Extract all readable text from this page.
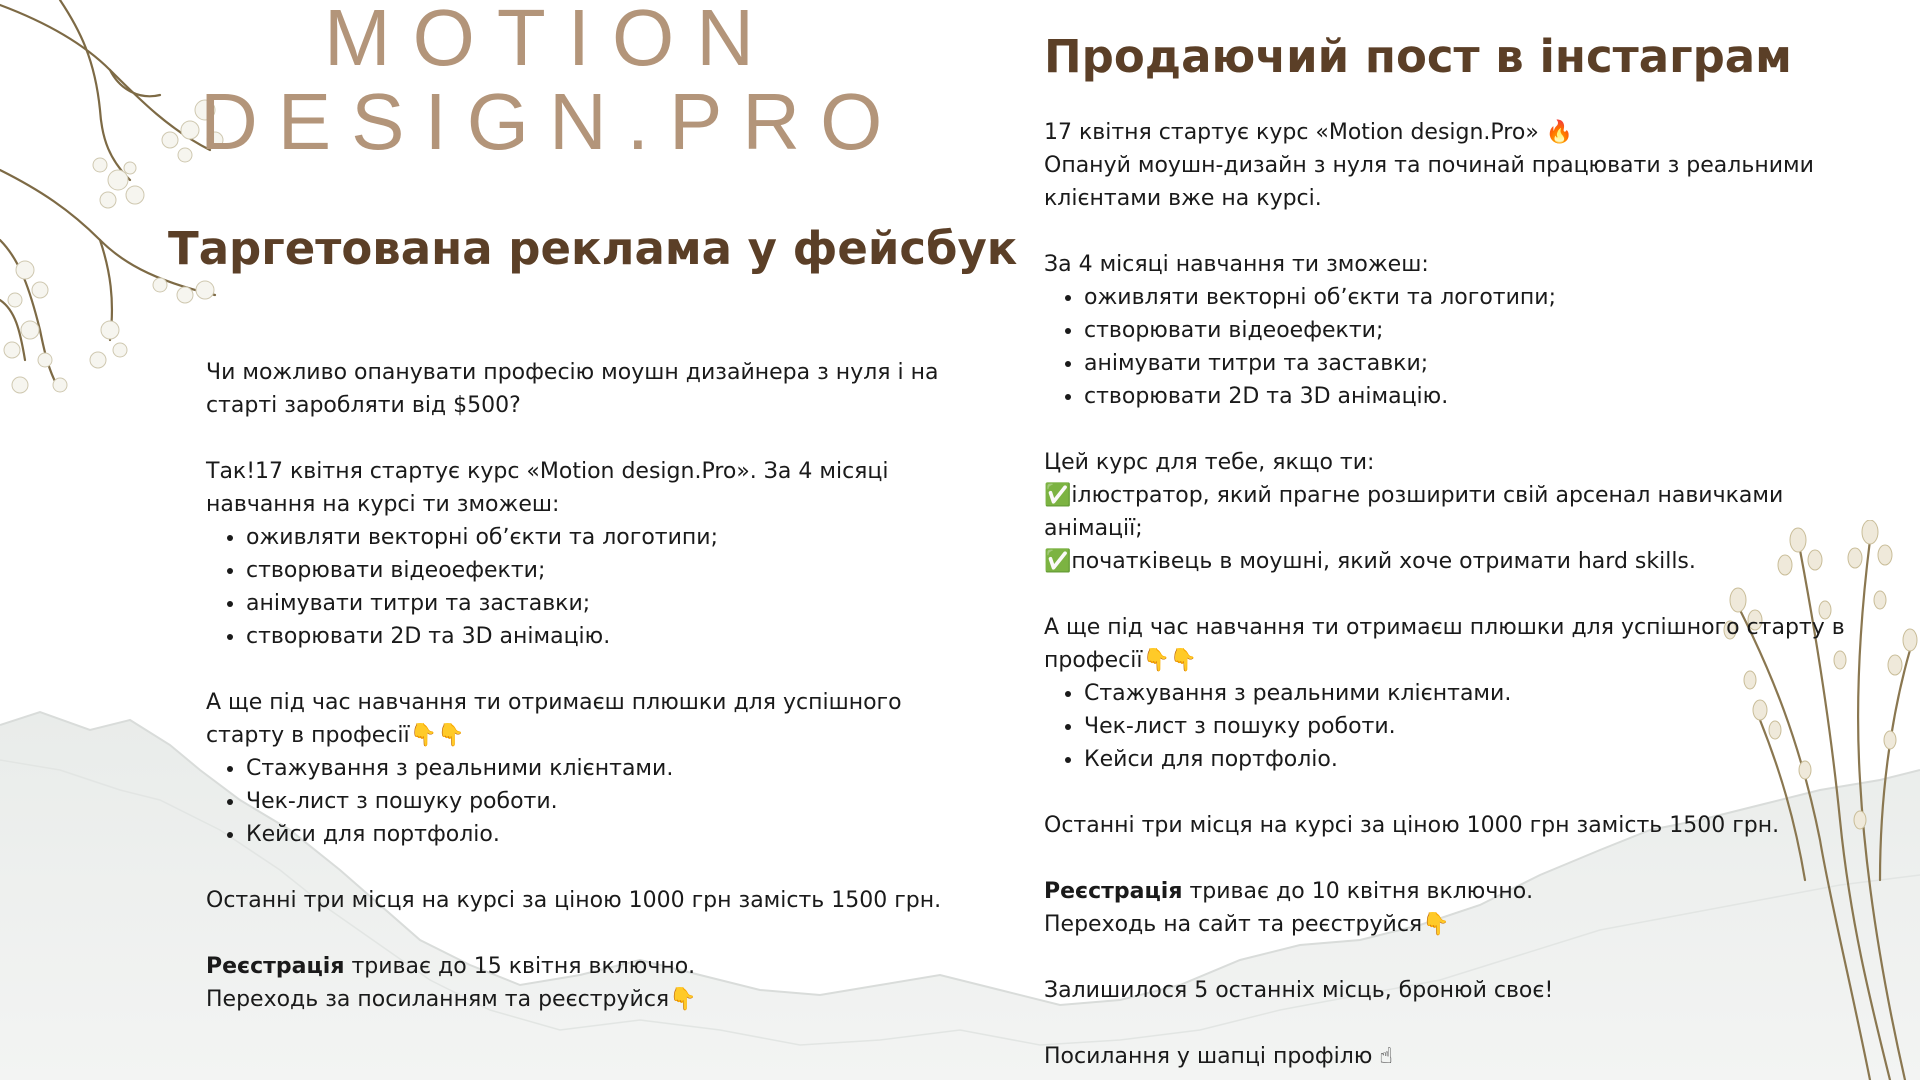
MOTION
DESIGN.PRO
Таргетована реклама у фейсбук
Продаючий пост в інстаграм

Чи можливо опанувати професію моушн дизайнера з нуля і на старті заробляти від $500?

Так!17 квітня стартує курс «Motion design.Pro». За 4 місяці навчання на курсі ти зможеш:

• оживляти векторні обʼєкти та логотипи;
• створювати відеоефекти;
• анімувати титри та заставки;
• створювати 2D та 3D анімацію.

А ще під час навчання ти отримаєш плюшки для успішного старту в професії👇👇

• Стажування з реальними клієнтами.
• Чек-лист з пошуку роботи.
• Кейси для портфоліо.

Останні три місця на курсі за ціною 1000 грн замість 1500 грн.

Реєстрація триває до 15 квітня включно.

Переходь за посиланням та реєструйся👇

17 квітня стартує курс «Motion design.Pro» 🔥

Опануй моушн-дизайн з нуля та починай працювати з реальними клієнтами вже на курсі.

За 4 місяці навчання ти зможеш:

• оживляти векторні обʼєкти та логотипи;
• створювати відеоефекти;
• анімувати титри та заставки;
• створювати 2D та 3D анімацію.

Цей курс для тебе, якщо ти:

✅ілюстратор, який прагне розширити свій арсенал навичками анімації;

✅початківець в моушні, який хоче отримати hard skills.

А ще під час навчання ти отримаєш плюшки для успішного старту в професії👇👇

• Стажування з реальними клієнтами.
• Чек-лист з пошуку роботи.
• Кейси для портфоліо.

Останні три місця на курсі за ціною 1000 грн замість 1500 грн.

Реєстрація триває до 10 квітня включно.

Переходь на сайт та реєструйся👇

Залишилося 5 останніх місць, бронюй своє!

Посилання у шапці профілю ☝
